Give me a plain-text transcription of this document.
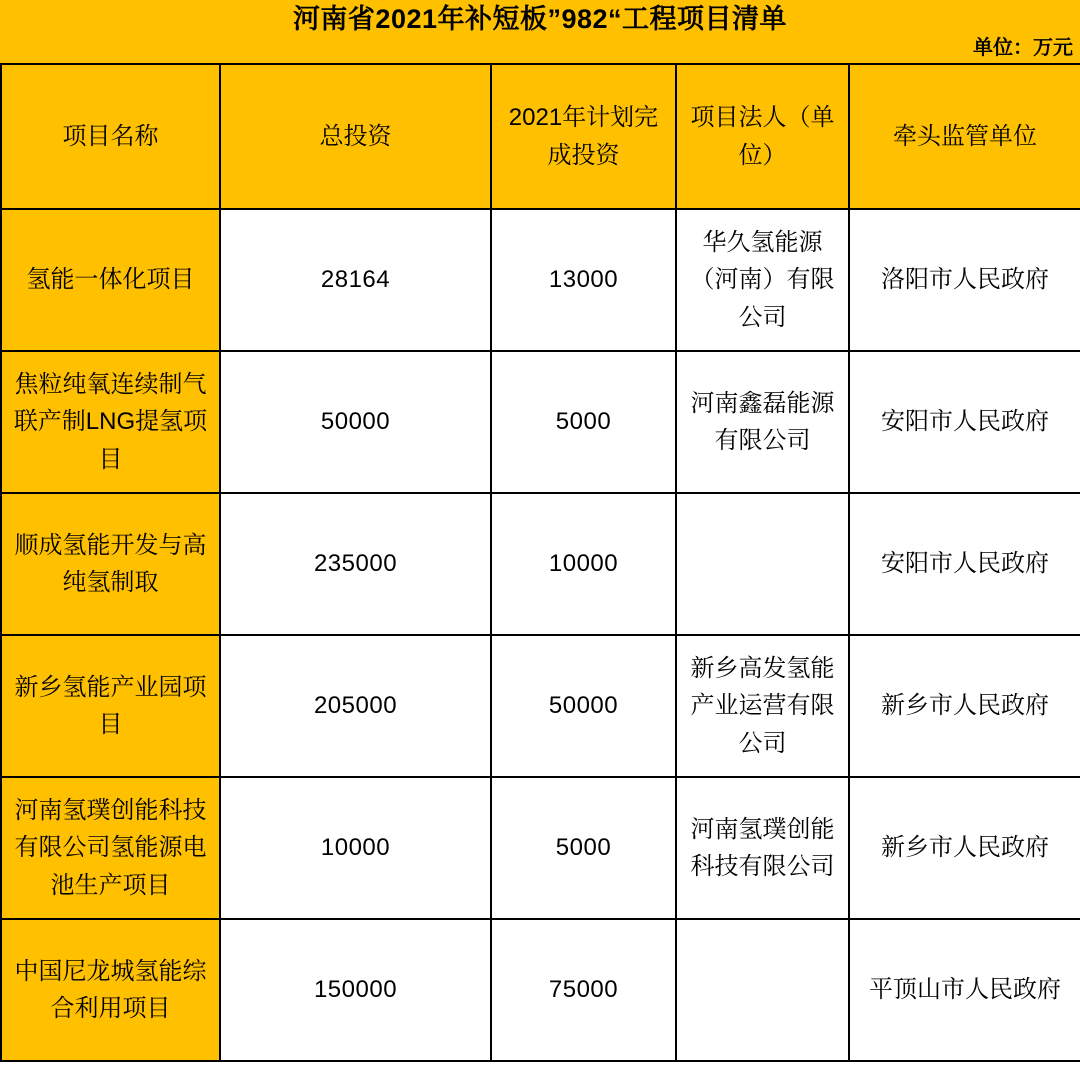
河南省2021年补短板”982“工程项目清单
单位：万元
项目名称	总投资	2021年计划完成投资	项目法人（单位）	牵头监管单位
氢能一体化项目	28164	13000	华久氢能源（河南）有限公司	洛阳市人民政府
焦粒纯氧连续制气联产制LNG提氢项目	50000	5000	河南鑫磊能源有限公司	安阳市人民政府
顺成氢能开发与高纯氢制取	235000	10000		安阳市人民政府
新乡氢能产业园项目	205000	50000	新乡高发氢能产业运营有限公司	新乡市人民政府
河南氢璞创能科技有限公司氢能源电池生产项目	10000	5000	河南氢璞创能科技有限公司	新乡市人民政府
中国尼龙城氢能综合利用项目	150000	75000		平顶山市人民政府
